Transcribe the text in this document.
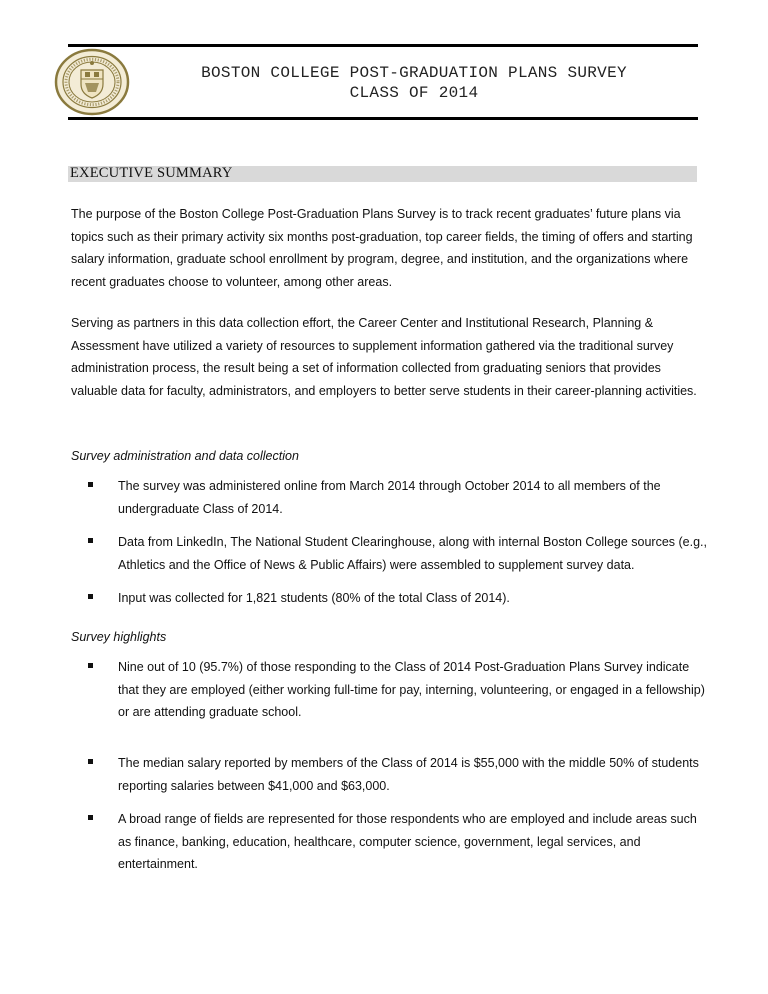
BOSTON COLLEGE POST-GRADUATION PLANS SURVEY
CLASS OF 2014
EXECUTIVE SUMMARY
The purpose of the Boston College Post-Graduation Plans Survey is to track recent graduates’ future plans via topics such as their primary activity six months post-graduation, top career fields, the timing of offers and starting salary information, graduate school enrollment by program, degree, and institution, and the organizations where recent graduates choose to volunteer, among other areas.
Serving as partners in this data collection effort, the Career Center and Institutional Research, Planning & Assessment have utilized a variety of resources to supplement information gathered via the traditional survey administration process, the result being a set of information collected from graduating seniors that provides valuable data for faculty, administrators, and employers to better serve students in their career-planning activities.
Survey administration and data collection
The survey was administered online from March 2014 through October 2014 to all members of the undergraduate Class of 2014.
Data from LinkedIn, The National Student Clearinghouse, along with internal Boston College sources (e.g., Athletics and the Office of News & Public Affairs) were assembled to supplement survey data.
Input was collected for 1,821 students (80% of the total Class of 2014).
Survey highlights
Nine out of 10 (95.7%) of those responding to the Class of 2014 Post-Graduation Plans Survey indicate that they are employed (either working full-time for pay, interning, volunteering, or engaged in a fellowship) or are attending graduate school.
The median salary reported by members of the Class of 2014 is $55,000 with the middle 50% of students reporting salaries between $41,000 and $63,000.
A broad range of fields are represented for those respondents who are employed and include areas such as finance, banking, education, healthcare, computer science, government, legal services, and entertainment.
